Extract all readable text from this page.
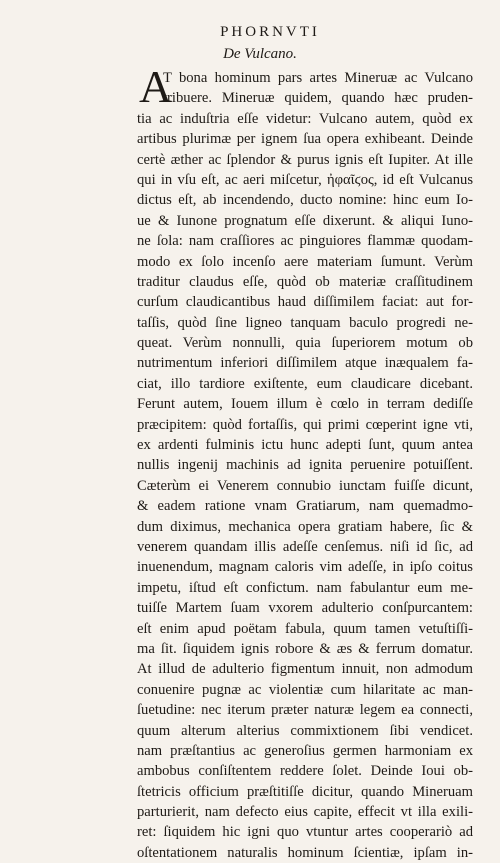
PHORNVTI
De Vulcano.
A
T bona hominum pars artes Mineruæ ac Vulcano
tribuere. Mineruæ quidem, quando hæc pruden-
tia ac induſtria eſſe videtur: Vulcano autem, quòd ex
artibus plurimæ per ignem ſua opera exhibeant. Deinde
certè æther ac ſplendor & purus ignis eſt Iupiter. At ille
qui in vſu eſt, ac aeri miſcetur, ἠφαῖϛος, id eſt Vulcanus
dictus eſt, ab incendendo, ducto nomine: hinc eum Io-
ue & Iunone prognatum eſſe dixerunt. & aliqui Iuno-
ne ſola: nam craſſiores ac pinguiores flammæ quodam-
modo ex ſolo incenſo aere materiam ſumunt. Verùm
traditur claudus eſſe, quòd ob materiæ craſſitudinem
curſum claudicantibus haud diſſimilem faciat: aut for-
taſſis, quòd ſine ligneo tanquam baculo progredi ne-
queat. Verùm nonnulli, quia ſuperiorem motum ob
nutrimentum inferiori diſſimilem atque inæqualem fa-
ciat, illo tardiore exiſtente, eum claudicare dicebant.
Ferunt autem, Iouem illum è cœlo in terram dediſſe
præcipitem: quòd fortaſſis, qui primi cœperint igne vti,
ex ardenti fulminis ictu hunc adepti ſunt, quum antea
nullis ingenij machinis ad ignita peruenire potuiſſent.
Cæterùm ei Venerem connubio iunctam fuiſſe dicunt,
& eadem ratione vnam Gratiarum, nam quemadmo-
dum diximus, mechanica opera gratiam habere, ſic &
venerem quandam illis adeſſe cenſemus. niſi id ſic, ad
inuenendum, magnam caloris vim adeſſe, in ipſo coitus
impetu, iſtud eſt confictum. nam fabulantur eum me-
tuiſſe Martem ſuam vxorem adulterio conſpurcantem:
eſt enim apud poëtam fabula, quum tamen vetuſtiſſi-
ma ſit. ſiquidem ignis robore & æs & ferrum domatur.
At illud de adulterio figmentum innuit, non admodum
conuenire pugnæ ac violentiæ cum hilaritate ac man-
ſuetudine: nec iterum præter naturæ legem ea connecti,
quum alterum alterius commixtionem ſibi vendicet.
nam præſtantius ac generoſius germen harmoniam ex
ambobus conſiſtentem reddere ſolet. Deinde Ioui ob-
ſtetricis officium præſtitiſſe dicitur, quando Mineruam
parturierit, nam defecto eius capite, effecit vt illa exili-
ret: ſiquidem hic igni quo vtuntur artes cooperariò ad
oſtentationem naturalis hominum ſcientiæ, ipſam in-
